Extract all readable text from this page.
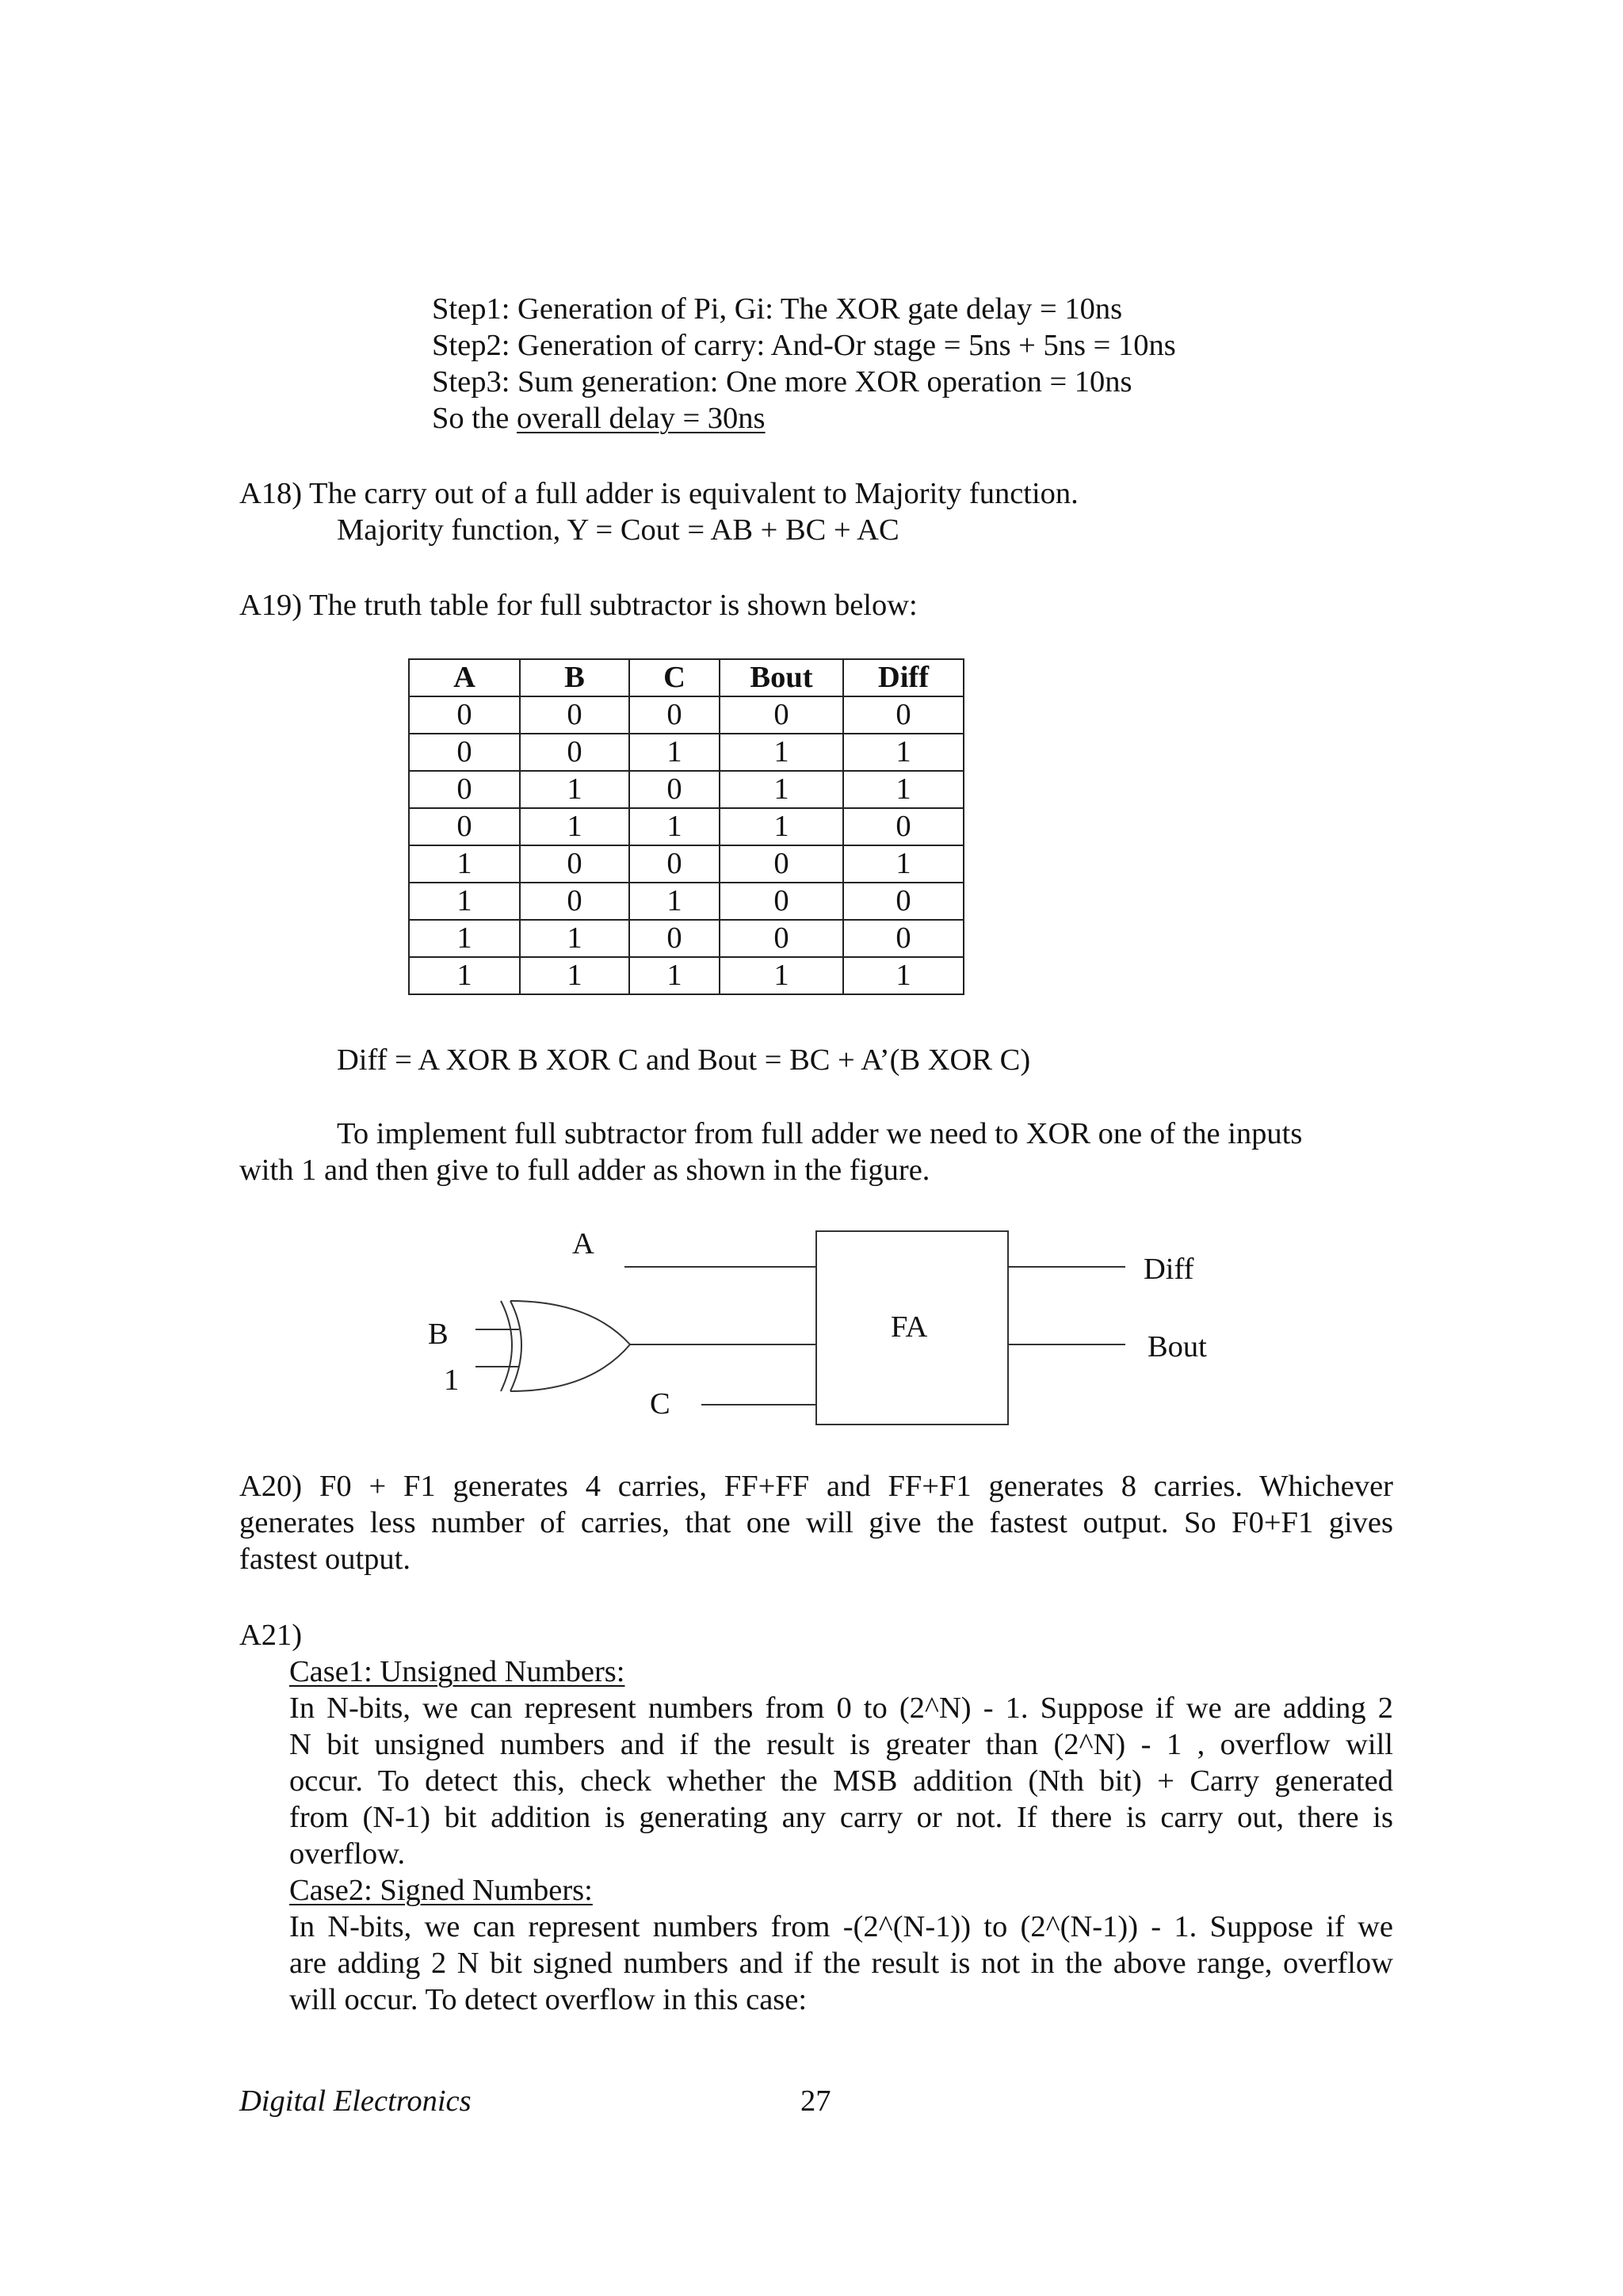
Step1: Generation of Pi, Gi: The XOR gate delay = 10ns
Step2: Generation of carry: And-Or stage = 5ns + 5ns = 10ns
Step3: Sum generation: One more XOR operation = 10ns
So the overall delay = 30ns
A18) The carry out of a full adder is equivalent to Majority function.
Majority function, Y = Cout = AB + BC + AC
A19) The truth table for full subtractor is shown below:
A	B	C	Bout	Diff
0	0	0	0	0
0	0	1	1	1
0	1	0	1	1
0	1	1	1	0
1	0	0	0	1
1	0	1	0	0
1	1	0	0	0
1	1	1	1	1
Diff = A XOR B XOR C and Bout = BC + A’(B XOR C)
To implement full subtractor from full adder we need to XOR one of the inputs
with 1 and then give to full adder as shown in the figure.
A
B
1
C
FA
Diff
Bout
A20) F0 + F1 generates 4 carries, FF+FF and FF+F1 generates 8 carries. Whichever
generates less number of carries, that one will give the fastest output. So F0+F1 gives
fastest output.
A21)
Case1: Unsigned Numbers:
In N-bits, we can represent numbers from 0 to (2^N) - 1. Suppose if we are adding 2
N bit unsigned numbers and if the result is greater than (2^N) - 1 , overflow will
occur. To detect this, check whether the MSB addition (Nth bit) + Carry generated
from (N-1) bit addition is generating any carry or not. If there is carry out, there is
overflow.
Case2: Signed Numbers:
In N-bits, we can represent numbers from -(2^(N-1)) to (2^(N-1)) - 1. Suppose if we
are adding 2 N bit signed numbers and if the result is not in the above range, overflow
will occur. To detect overflow in this case:
Digital Electronics	27
